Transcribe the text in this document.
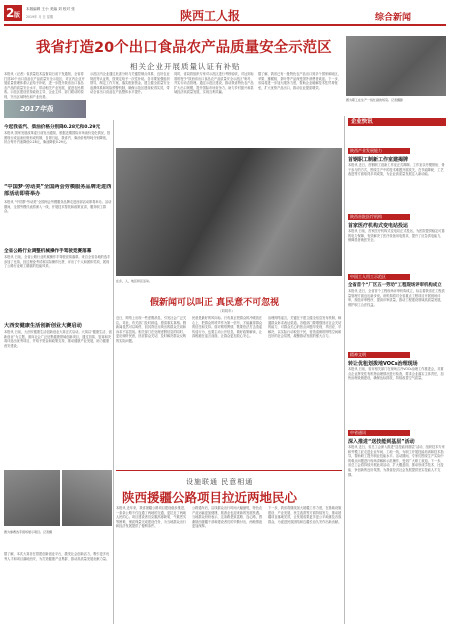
2 版
本版编辑 王小 美编 刘 校对 张
2019年 月 日 星期	陕西工人报	综合新闻
我省打造20个出口食品农产品质量安全示范区
相关企业开展质量认证有补贴
本报讯（记者）省质量技术监督局日前下发通知，全省将打造20个出口食品农产品质量安全示范区，对区内企业开展质量管理体系认证给予补贴，进一步提升我省出口食品农产品的质量安全水平，带动相关产业发展，促进农民增收。示范区建设坚持政府主导、企业主体、部门联动的原则，突出区域特色和产业优势。
示范区内企业通过危害分析与关键控制点体系、良好农业规范等认证的，按规定给予一次性补贴。各市要加强组织领导，制定工作方案，落实配套资金，建立健全质量安全追溯体系和风险预警机制，确保示范区建设取得实效，带动全省出口食品农产品整体水平提升。
同时，省局将组织专家对示范区进行考核验收，对达到标准的授予“陕西省出口食品农产品质量安全示范区”称号，并实行动态管理。通过示范区建设，推动我省特色农产品扩大出口规模，提升国际市场竞争力，助力乡村振兴和县域经济高质量发展，实现互利共赢。
据了解，我省已有一批特色农产品出口到多个国家和地区，苹果、猕猴桃、茶叶等产品深受国外消费者欢迎。下一步，省局将进一步加大服务力度，帮助企业破解技术性贸易壁垒，扩大优势产品出口，推动农业提质增效。
图为职工在生产一线忙碌的场景。记者摄影
企业快讯
陕西产业发展能力
首钢职工制新工作室建揭牌
本报讯 近日，首钢职工创新工作室正式揭牌。工作室以劳模领衔、骨干参与的方式，围绕生产中的技术难题开展攻关，在节能降耗、工艺改进等方面取得多项成果，为企业高质量发展注入新动能。
陕西首批医疗机构
首家医疗机构式变电站投运
本报讯 日前，首家医疗机构式变电站正式投运，为医院提供稳定可靠的电力保障，有效解决了医疗设备用电需求，提升了应急供电能力，保障患者就医安全。
中国工人用工示范区
全省首个“厂区五一劳动”工程现场评审机构成立
本报讯 近日，全省首个工程现场评审机构成立，标志着我省在工程质量管理方面迈出新步伐。该机构将对全省重点工程项目开展现场评审，规范评审程序，提高评审质量，推动工程建设领域高质量发展，维护职工合法权益。
精神文明
转让优租划拨地VOCs治理现场
本报讯 日前，省市相关部门在现场召开VOCs治理工作推进会，对重点企业挥发性有机物治理情况进行检查，要求企业落实主体责任，加快治理设施建设，确保达标排放，持续改善空气质量。
中省通讯
深入推进“送技能到基层”活动
本报讯 近日，省总工会深入推进“送技能到基层”活动，组织技术专家和劳模工匠走进企业车间、工地一线，为职工开展技能培训和技术指导，帮助职工提升职业技能水平。活动期间，专家们围绕生产实际中的难点问题进行现场讲解和示范操作，受到广大职工欢迎。下一步，省总工会将持续开展此项活动，扩大覆盖面，推动形成学技术、比技能、争创新的良好氛围，为我省经济社会发展提供坚实技能人才支撑。
2017年报
今起我省汽、柴油价格分别降0.28元和0.29元
本报讯 国家发展改革委日前发出通知，根据近期国际市场油价变化情况，按照现行成品油价格形成机制，自即日起，我省汽、柴油价格每吨分别降低，折合每升汽油降低0.28元，柴油降低0.29元。
“中国梦·劳动美”全国两会劳模服务品牌走进西部活动即将举办
本报讯 “中国梦·劳动美”全国两会劳模服务品牌走进西部活动即将举办。活动期间，全国劳模代表将深入一线，开展技术帮扶和政策宣讲，服务职工群众。
全省公路行业调整机械操作手驾驶竞赛落幕
本报讯 日前，全省公路行业机械操作手驾驶竞赛落幕。来自全省各地的选手参加了比赛，经过理论考试和实际操作比拼，评出了个人和团体奖项，展现了公路行业职工精湛的技能风采。
大西安健康生活创新创业大赛启动
本报讯 日前，大西安健康生活创新创业大赛正式启动。大赛以“健康生活、创新创业”为主题，面向社会广泛征集健康领域创新项目，通过初赛、复赛和决赛评选出优秀项目，并给予资金和政策支持，推动健康产业发展，助力健康西安建设。
图为参赛选手现场展示项目。记者摄
据了解，本次大赛旨在搭建创新创业平台，激发社会创新活力，吸引更多优秀人才和项目落地西安，为打造健康产业集群、推动高质量发展贡献力量。
在乡，人，地区和区活动。
假新闻可以叫正 真民意不可忽视
（刘同年）
近日，网络上出现一些虚假消息，引发社会广泛关注。对此，有关部门及时辟谣，澄清事实真相。假新闻虽然可以叫停，但其背后反映出的群众关切和诉求不容忽视。相关部门在处理虚假信息的同时，更应倾听民意，回应群众关切，及时解决群众反映的实际问题。
民意是最好的风向标。只有真正把群众的冷暖放在心上，把群众的呼声作为第一信号，才能赢得群众的信任和支持。面对网络舆情，既要依法打击造谣传谣行为，也要主动公开信息，做好政策解读，让真相跑在谣言前面，让群众更加放心安心。
治理网络谣言，关键在于建立健全信息发布机制，畅通群众诉求表达渠道。各级部门要增强回应社会关切的能力，对群众关心的热点问题早发现、早回应、早解决，以实际行动取信于民，营造清朗的网络空间和良好的社会氛围，凝聚推动发展的强大合力。
设施联通 民意相通
陕西援疆公路项目拉近两地民心
本报讯 近年来，我省援疆公路项目建设稳步推进，一条条公路不仅连通了两地的交通，更拉近了两地人民的心。项目建设者们克服高寒缺氧、气候恶劣等困难，保质保量完成建设任务，为当地群众出行和经济发展提供了便利条件。
公路通车后，沿线群众出行时间大幅缩短，特色农产品运输更加便捷，旅游业也迎来新的发展机遇。当地群众纷纷表示，这条路是致富路、连心路，感谢陕西援疆干部和建设者们的辛勤付出，两地情谊更加深厚。
下一步，我省将继续加大援疆工作力度，在基础设施建设、产业发展、民生改善等方面持续发力，推动援疆项目落地见效，让发展成果更多更公平地惠及各族群众，为促进民族团结和边疆长治久安作出新贡献。
